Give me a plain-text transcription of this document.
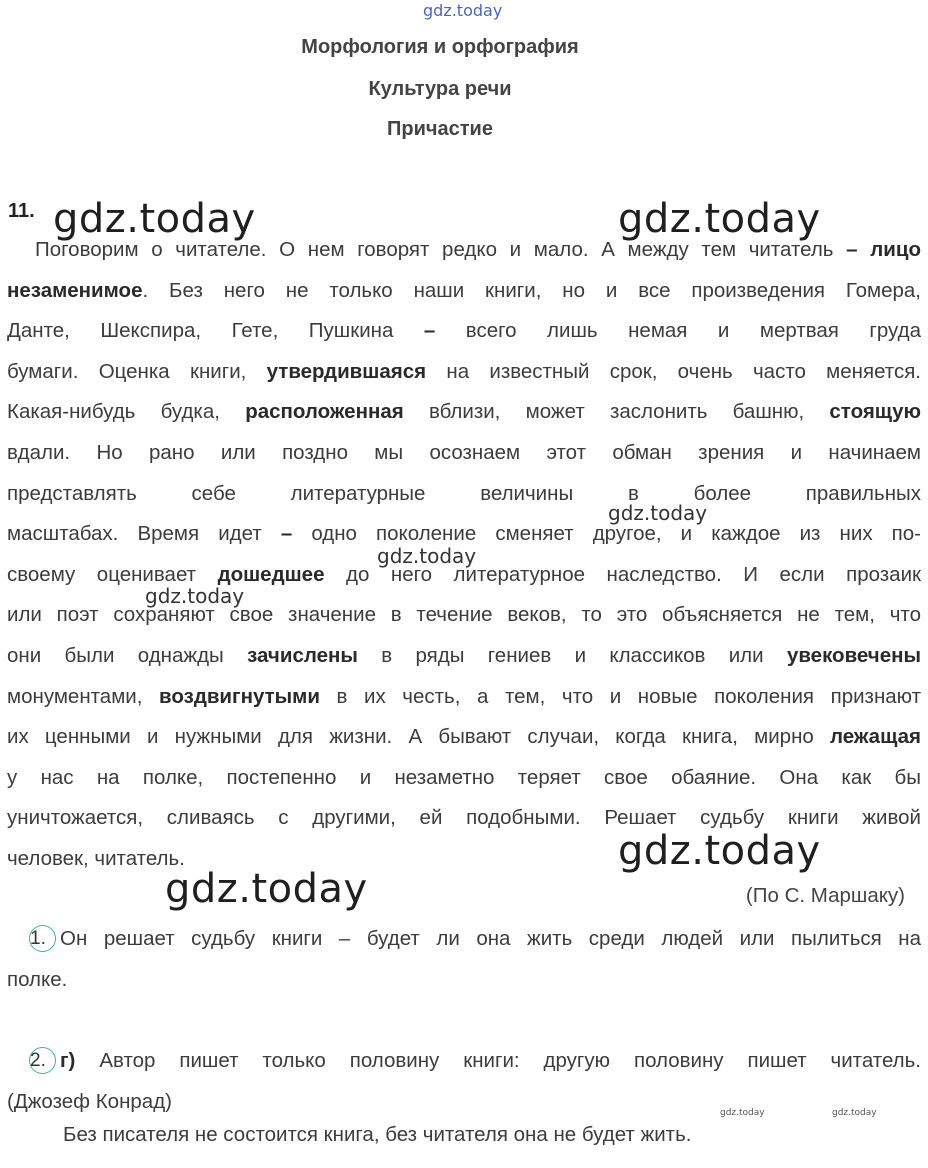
gdz.today
gdz.today	gdz.today
gdz.today
gdz.today
gdz.today
gdz.today
gdz.today
gdz.today	gdz.today
Морфология и орфография
Культура речи
Причастие
11.
Поговорим о читателе. О нем говорят редко и мало. А между тем читатель – лицо
незаменимое. Без него не только наши книги, но и все произведения Гомера,
Данте, Шекспира, Гете, Пушкина – всего лишь немая и мертвая груда
бумаги. Оценка книги, утвердившаяся на известный срок, очень часто меняется.
Какая-нибудь будка, расположенная вблизи, может заслонить башню, стоящую
вдали. Но рано или поздно мы осознаем этот обман зрения и начинаем
представлять себе литературные величины в более правильных
масштабах. Время идет – одно поколение сменяет другое, и каждое из них по-
своему оценивает дошедшее до него литературное наследство. И если прозаик
или поэт сохраняют свое значение в течение веков, то это объясняется не тем, что
они были однажды зачислены в ряды гениев и классиков или увековечены
монументами, воздвигнутыми в их честь, а тем, что и новые поколения признают
их ценными и нужными для жизни. А бывают случаи, когда книга, мирно лежащая
у нас на полке, постепенно и незаметно теряет свое обаяние. Она как бы
уничтожается, сливаясь с другими, ей подобными. Решает судьбу книги живой
человек, читатель.
(По С. Маршаку)
1. Он решает судьбу книги – будет ли она жить среди людей или пылиться на
полке.
2. г) Автор пишет только половину книги: другую половину пишет читатель.
(Джозеф Конрад)
Без писателя не состоится книга, без читателя она не будет жить.
